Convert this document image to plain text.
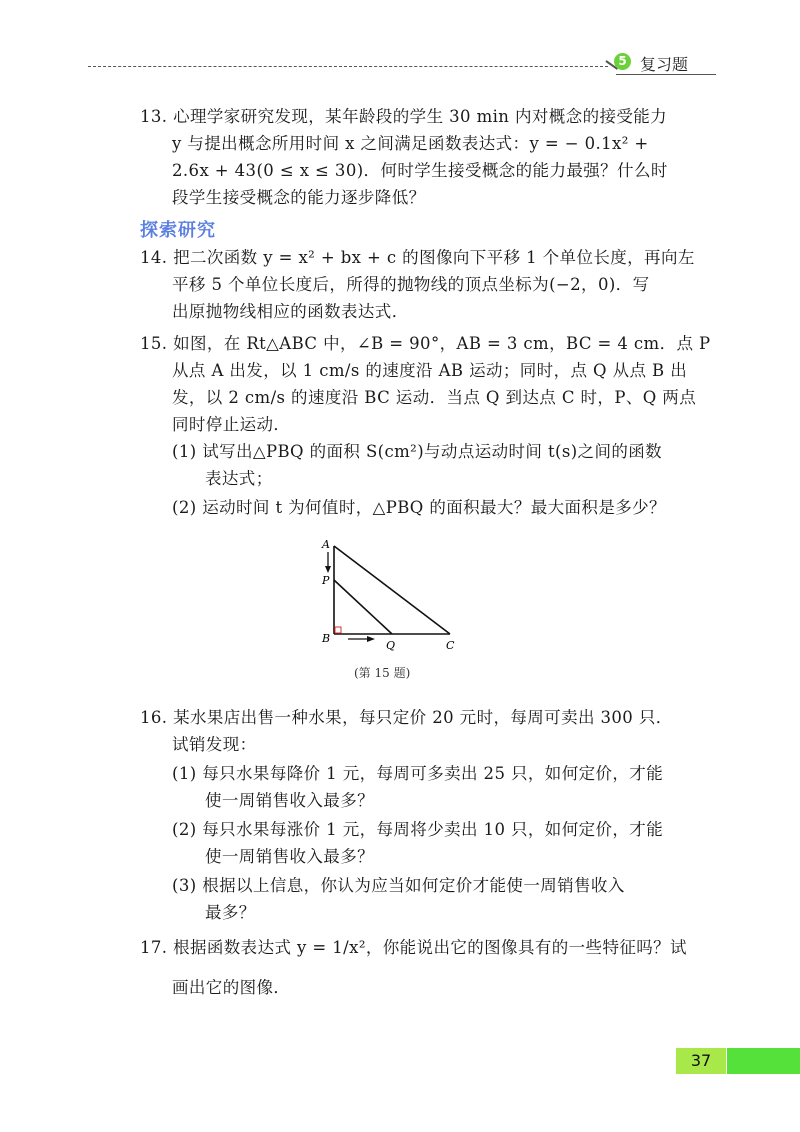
5 复习题
13. 心理学家研究发现，某年龄段的学生 30 min 内对概念的接受能力
y 与提出概念所用时间 x 之间满足函数表达式：y = − 0.1x² +
2.6x + 43(0 ≤ x ≤ 30)．何时学生接受概念的能力最强？什么时
段学生接受概念的能力逐步降低？
探索研究
14. 把二次函数 y = x² + bx + c 的图像向下平移 1 个单位长度，再向左
平移 5 个单位长度后，所得的抛物线的顶点坐标为(−2，0)．写
出原抛物线相应的函数表达式．
15. 如图，在 Rt△ABC 中，∠B = 90°，AB = 3 cm，BC = 4 cm．点 P
从点 A 出发，以 1 cm/s 的速度沿 AB 运动；同时，点 Q 从点 B 出
发，以 2 cm/s 的速度沿 BC 运动．当点 Q 到达点 C 时，P、Q 两点
同时停止运动．
(1) 试写出△PBQ 的面积 S(cm²)与动点运动时间 t(s)之间的函数
表达式；
(2) 运动时间 t 为何值时，△PBQ 的面积最大？最大面积是多少？
A
P
B
Q	C
(第 15 题)
16. 某水果店出售一种水果，每只定价 20 元时，每周可卖出 300 只．
试销发现：
(1) 每只水果每降价 1 元，每周可多卖出 25 只，如何定价，才能
使一周销售收入最多？
(2) 每只水果每涨价 1 元，每周将少卖出 10 只，如何定价，才能
使一周销售收入最多？
(3) 根据以上信息，你认为应当如何定价才能使一周销售收入
最多？
17. 根据函数表达式 y = 1/x²，你能说出它的图像具有的一些特征吗？试
画出它的图像．
37
